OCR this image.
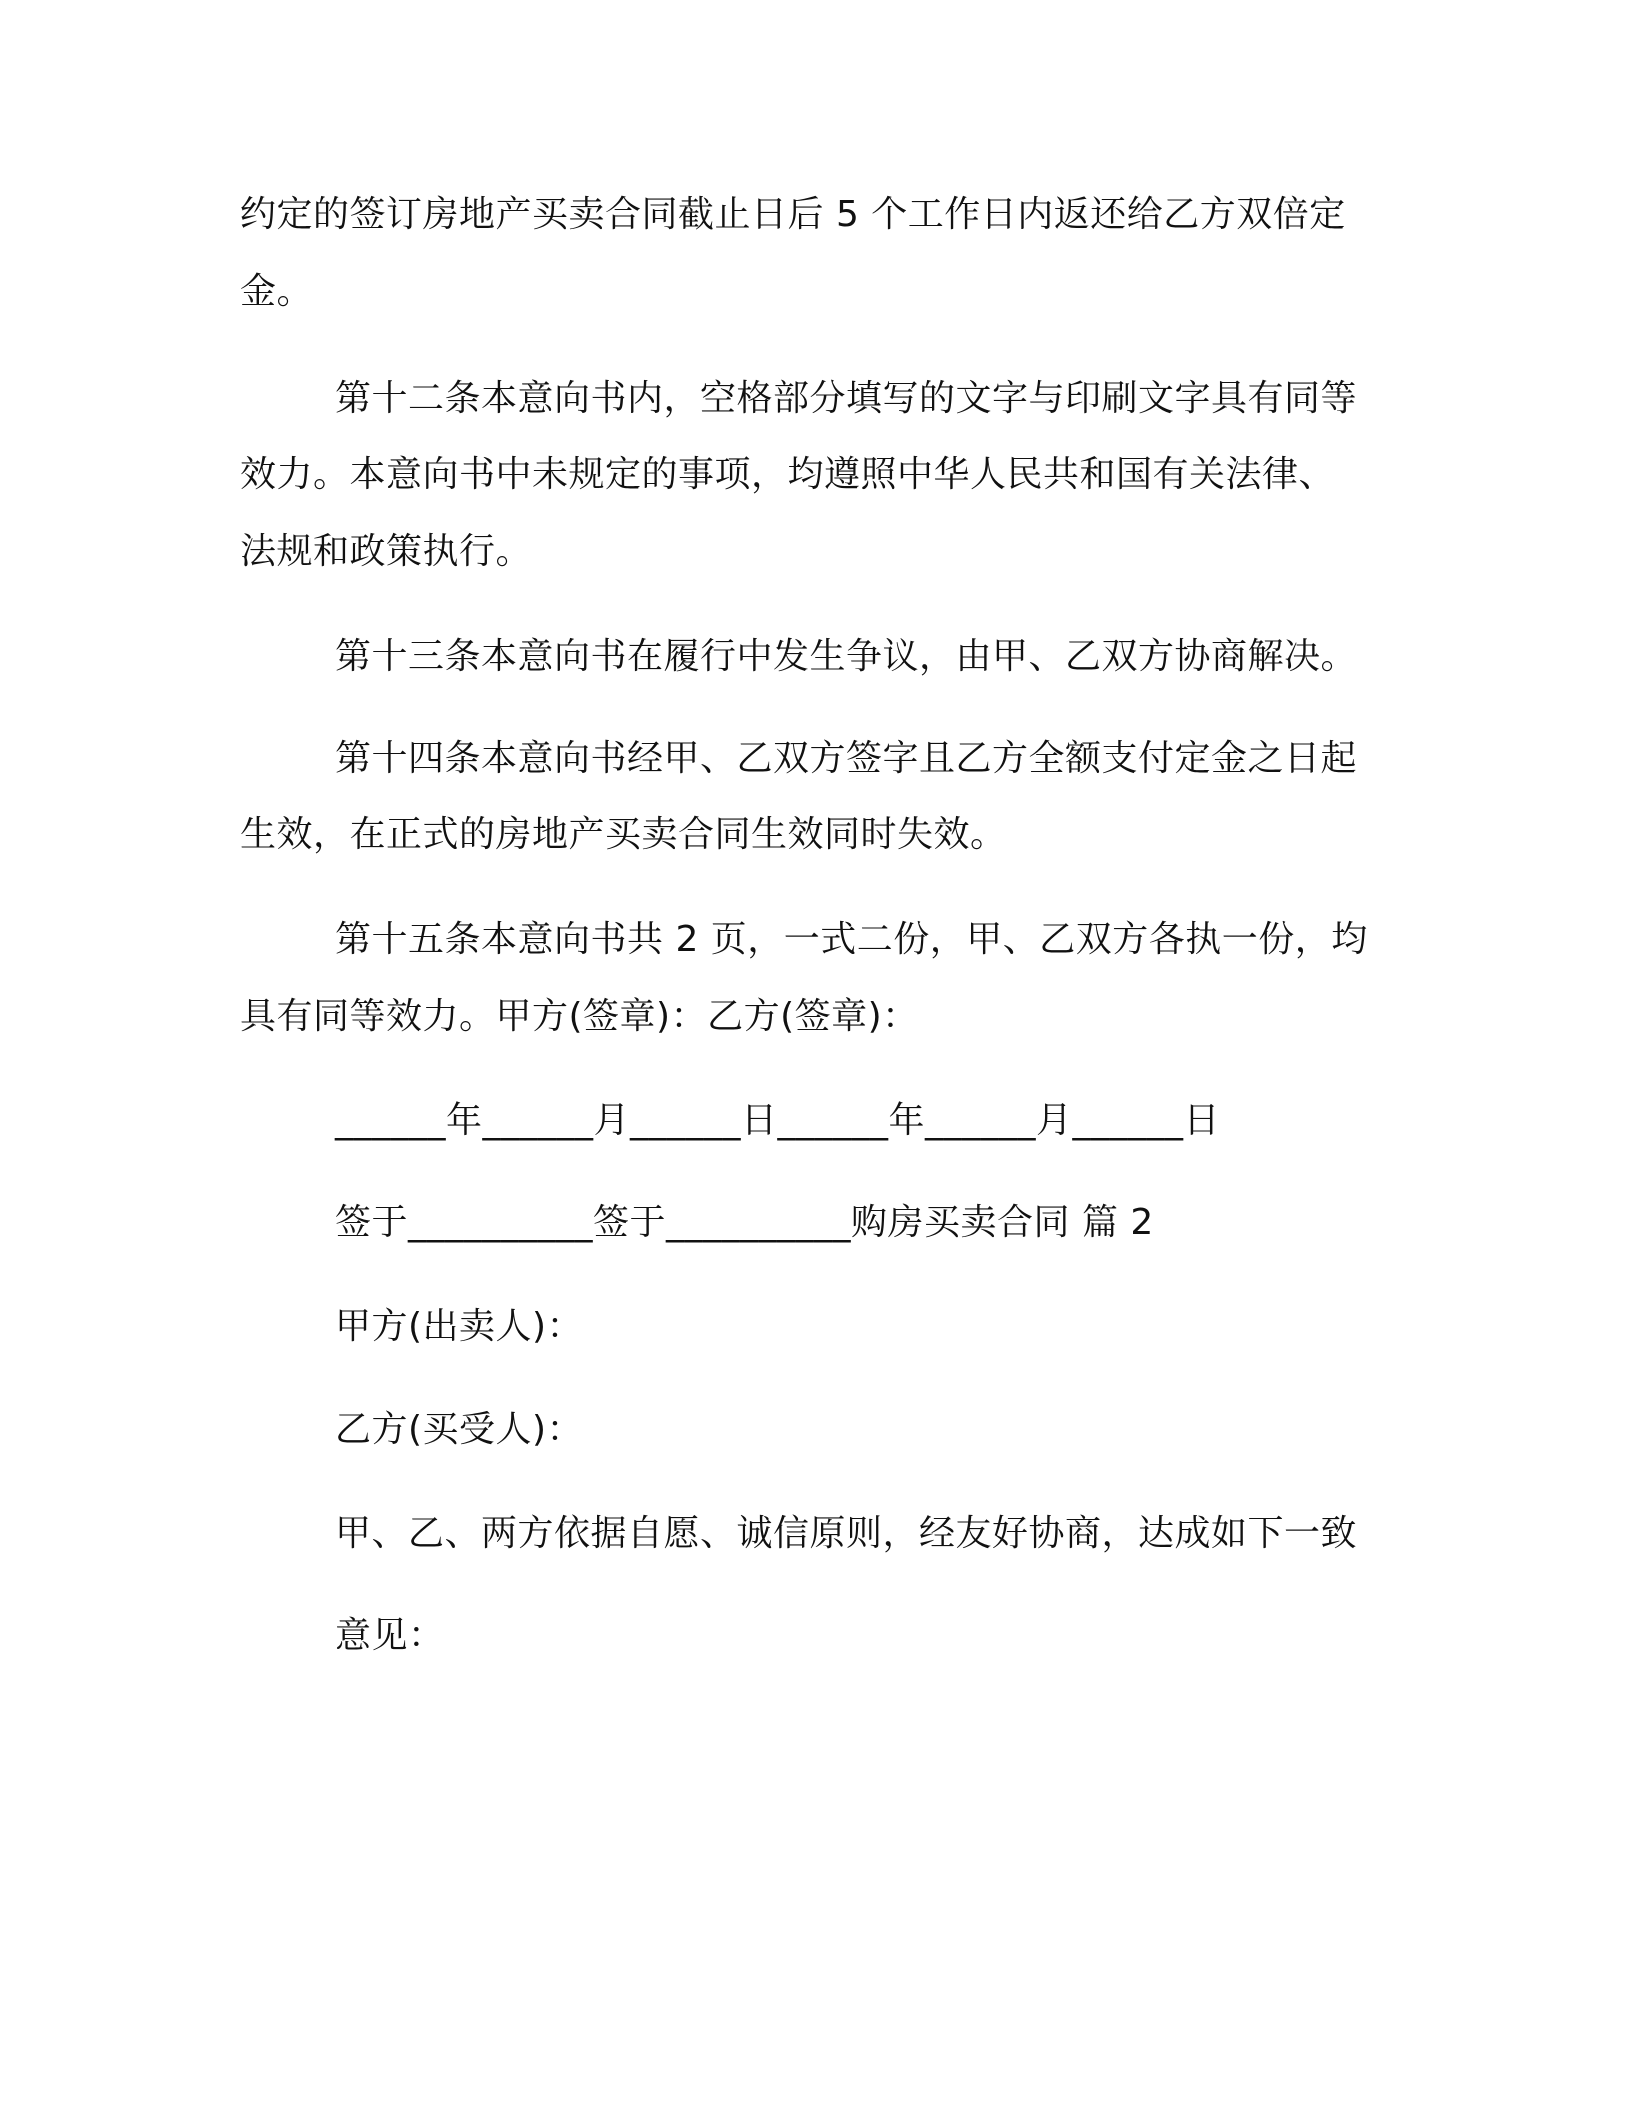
约定的签订房地产买卖合同截止日后 5 个工作日内返还给乙方双倍定
金。
第十二条本意向书内，空格部分填写的文字与印刷文字具有同等
效力。本意向书中未规定的事项，均遵照中华人民共和国有关法律、
法规和政策执行。
第十三条本意向书在履行中发生争议，由甲、乙双方协商解决。
第十四条本意向书经甲、乙双方签字且乙方全额支付定金之日起
生效，在正式的房地产买卖合同生效同时失效。
第十五条本意向书共 2 页，一式二份，甲、乙双方各执一份，均
具有同等效力。甲方(签章)：乙方(签章)：
______年______月______日______年______月______日
签于__________签于__________购房买卖合同 篇 2
甲方(出卖人)：
乙方(买受人)：
甲、乙、两方依据自愿、诚信原则，经友好协商，达成如下一致
意见：
